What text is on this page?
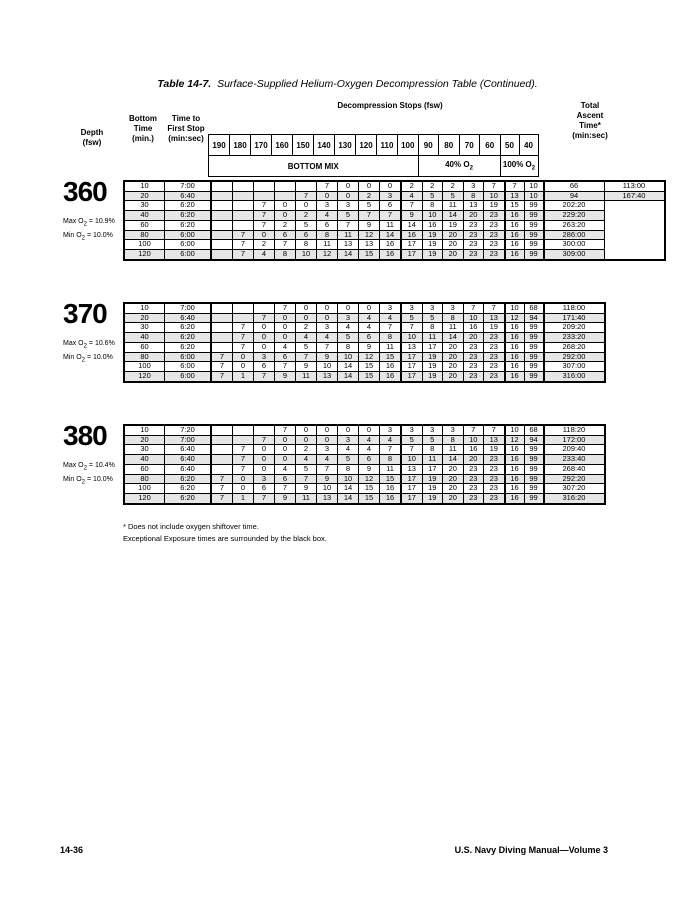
Table 14-7. Surface-Supplied Helium-Oxygen Decompression Table (Continued).
Depth (fsw)
Bottom Time (min.)
Time to First Stop (min:sec)
Decompression Stops (fsw)	Total Ascent Time* (min:sec)
190	180	170	160	150	140	130	120	110	100	90	80	70	60	50	40
BOTTOM MIX										40% $O_2$				100% $O_2$
360
Max $O_2 = 10.9\%$
Min $O_2 = 10.0\%$
10	7:00						7	0	0	0	2	2	2	3	7	7	10	66	113:00
20	6:40					7	0	0	2	3	4	5	5	8	10	13	10	94	167:40
30	6:20			7	0	0	3	3	5	6	7	8	11	13	19	15	99	202:20	
40	6:20			7	0	2	4	5	7	7	9	10	14	20	23	16	99	229:20	
60	6:20			7	2	5	6	7	9	11	14	16	19	23	23	16	99	263:20	
80	6:00		7	0	6	6	8	11	12	14	16	19	20	23	23	16	99	286:00	
100	6:00		7	2	7	8	11	13	13	16	17	19	20	23	23	16	99	300:00	
120	6:00		7	4	8	10	12	14	15	16	17	19	20	23	23	16	99	309:00	
370
Max $O_2 = 10.6\%$
Min $O_2 = 10.0\%$
10	7:00				7	0	0	0	0	3	3	3	3	7	7	10	68	118:00
20	6:40			7	0	0	0	3	4	4	5	5	8	10	13	12	94	171:40
30	6:20		7	0	0	2	3	4	4	7	7	8	11	16	19	16	99	209:20
40	6:20		7	0	0	4	4	5	6	8	10	11	14	20	23	16	99	233:20
60	6:20		7	0	4	5	7	8	9	11	13	17	20	23	23	16	99	268:20
80	6:00	7	0	3	6	7	9	10	12	15	17	19	20	23	23	16	99	292:00
100	6:00	7	0	6	7	9	10	14	15	16	17	19	20	23	23	16	99	307:00
120	6:00	7	1	7	9	11	13	14	15	16	17	19	20	23	23	16	99	316:00
380
Max $O_2 = 10.4\%$
Min $O_2 = 10.0\%$
10	7:20				7	0	0	0	0	3	3	3	3	7	7	10	68	118:20
20	7:00			7	0	0	0	3	4	4	5	5	8	10	13	12	94	172:00
30	6:40		7	0	0	2	3	4	4	7	7	8	11	16	19	16	99	209:40
40	6:40		7	0	0	4	4	5	6	8	10	11	14	20	23	16	99	233:40
60	6:40		7	0	4	5	7	8	9	11	13	17	20	23	23	16	99	268:40
80	6:20	7	0	3	6	7	9	10	12	15	17	19	20	23	23	16	99	292:20
100	6:20	7	0	6	7	9	10	14	15	16	17	19	20	23	23	16	99	307:20
120	6:20	7	1	7	9	11	13	14	15	16	17	19	20	23	23	16	99	316:20
* Does not include oxygen shiftover time.
Exceptional Exposure times are surrounded by the black box.
14-36	U.S. Navy Diving Manual—Volume 3
